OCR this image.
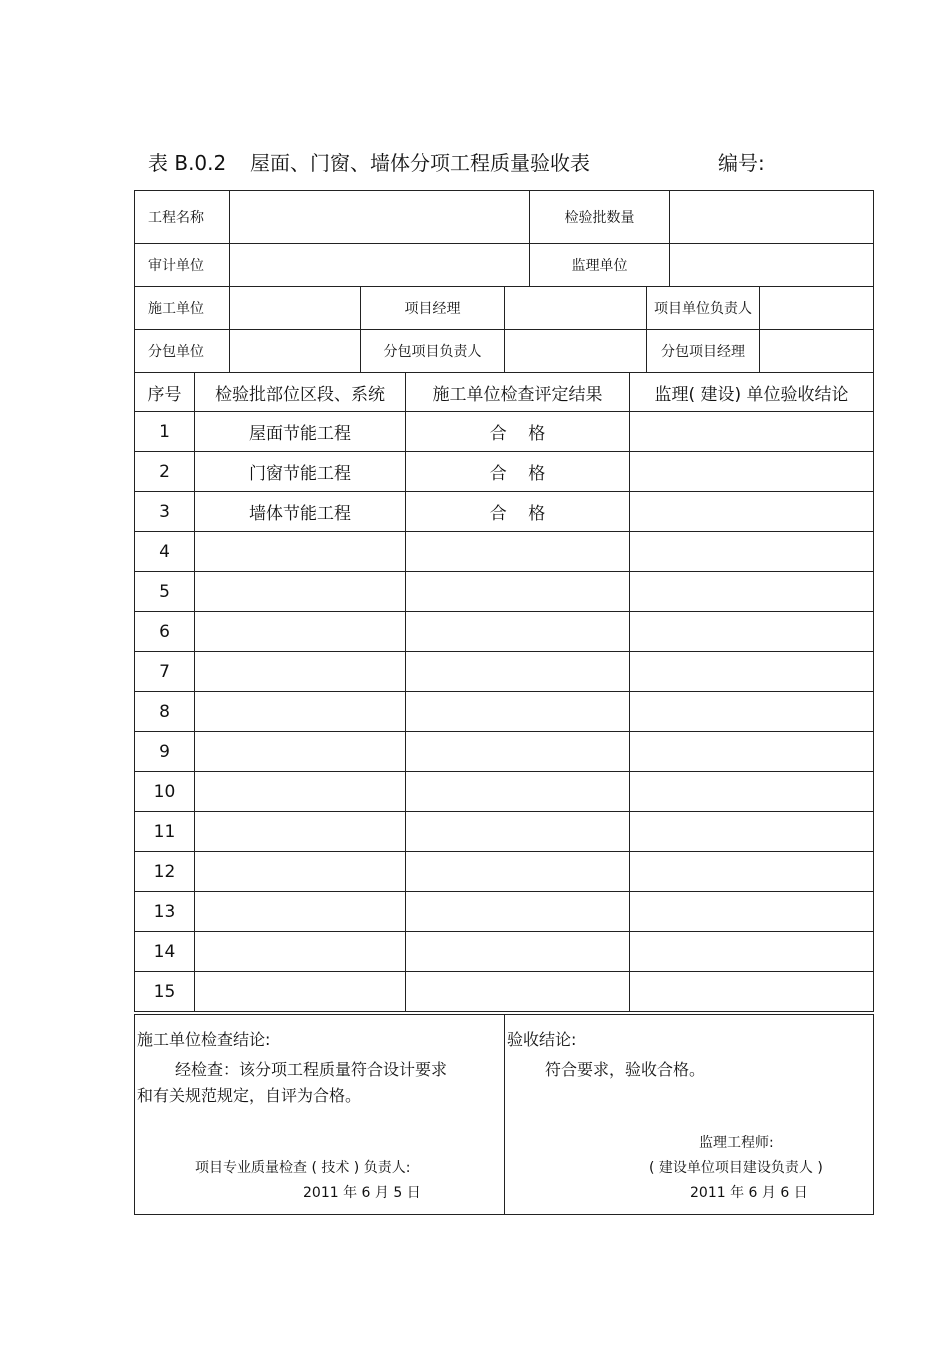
表 B.0.2 屋面、门窗、墙体分项工程质量验收表	编号:
工程名称				检验批数量			
审计单位				监理单位			
施工单位		项目经理			项目单位负责人		
分包单位		分包项目负责人			分包项目经理		
序号	检验批部位区段、系统	施工单位检查评定结果	监理( 建设) 单位验收结论
1	屋面节能工程	合    格	
2	门窗节能工程	合    格	
3	墙体节能工程	合    格	
4			
5			
6			
7			
8			
9			
10			
11			
12			
13			
14			
15			
施工单位检查结论:
经检查：该分项工程质量符合设计要求
和有关规范规定，自评为合格。
项目专业质量检查 ( 技术 ) 负责人:
2011 年 6 月 5 日

验收结论:
符合要求，验收合格。
监理工程师:
( 建设单位项目建设负责人 )
2011 年 6 月 6 日
